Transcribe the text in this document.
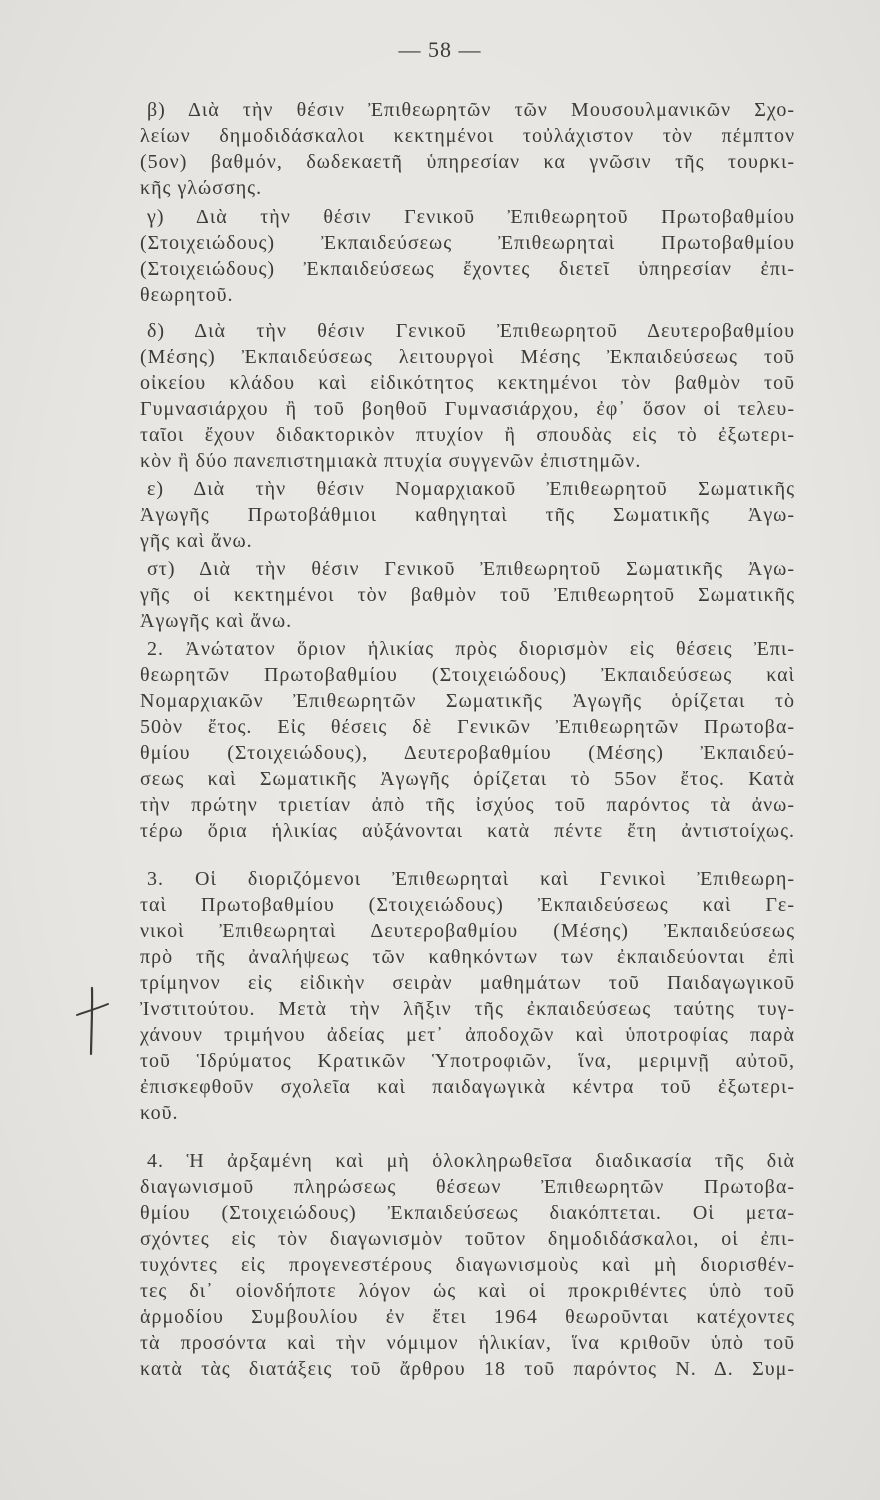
— 58 —
β) Διὰ τὴν θέσιν Ἐπιθεωρητῶν τῶν Μουσουλμανικῶν Σχο-
λείων δημοδιδάσκαλοι κεκτημένοι τοὐλάχιστον τὸν πέμπτον
(5ον) βαθμόν, δωδεκαετῆ ὑπηρεσίαν κα γνῶσιν τῆς τουρκι-
κῆς γλώσσης.
γ) Διὰ τὴν θέσιν Γενικοῦ Ἐπιθεωρητοῦ Πρωτοβαθμίου
(Στοιχειώδους) Ἐκπαιδεύσεως Ἐπιθεωρηταὶ Πρωτοβαθμίου
(Στοιχειώδους) Ἐκπαιδεύσεως ἔχοντες διετεῖ ὑπηρεσίαν ἐπι-
θεωρητοῦ.
δ) Διὰ τὴν θέσιν Γενικοῦ Ἐπιθεωρητοῦ Δευτεροβαθμίου
(Μέσης) Ἐκπαιδεύσεως λειτουργοὶ Μέσης Ἐκπαιδεύσεως τοῦ
οἰκείου κλάδου καὶ εἰδικότητος κεκτημένοι τὸν βαθμὸν τοῦ
Γυμνασιάρχου ἢ τοῦ βοηθοῦ Γυμνασιάρχου, ἐφ᾽ ὅσον οἱ τελευ-
ταῖοι ἔχουν διδακτορικὸν πτυχίον ἢ σπουδὰς εἰς τὸ ἐξωτερι-
κὸν ἢ δύο πανεπιστημιακὰ πτυχία συγγενῶν ἐπιστημῶν.
ε) Διὰ τὴν θέσιν Νομαρχιακοῦ Ἐπιθεωρητοῦ Σωματικῆς
Ἀγωγῆς Πρωτοβάθμιοι καθηγηταὶ τῆς Σωματικῆς Ἀγω-
γῆς καὶ ἄνω.
στ) Διὰ τὴν θέσιν Γενικοῦ Ἐπιθεωρητοῦ Σωματικῆς Ἀγω-
γῆς οἱ κεκτημένοι τὸν βαθμὸν τοῦ Ἐπιθεωρητοῦ Σωματικῆς
Ἀγωγῆς καὶ ἄνω.
2. Ἀνώτατον ὅριον ἡλικίας πρὸς διορισμὸν εἰς θέσεις Ἐπι-
θεωρητῶν Πρωτοβαθμίου (Στοιχειώδους) Ἐκπαιδεύσεως καὶ
Νομαρχιακῶν Ἐπιθεωρητῶν Σωματικῆς Ἀγωγῆς ὁρίζεται τὸ
50ὸν ἔτος. Εἰς θέσεις δὲ Γενικῶν Ἐπιθεωρητῶν Πρωτοβα-
θμίου (Στοιχειώδους), Δευτεροβαθμίου (Μέσης) Ἐκπαιδεύ-
σεως καὶ Σωματικῆς Ἀγωγῆς ὁρίζεται τὸ 55ον ἔτος. Κατὰ
τὴν πρώτην τριετίαν ἀπὸ τῆς ἰσχύος τοῦ παρόντος τὰ ἀνω-
τέρω ὅρια ἡλικίας αὐξάνονται κατὰ πέντε ἔτη ἀντιστοίχως.
3. Οἱ διοριζόμενοι Ἐπιθεωρηταὶ καὶ Γενικοὶ Ἐπιθεωρη-
ταὶ Πρωτοβαθμίου (Στοιχειώδους) Ἐκπαιδεύσεως καὶ Γε-
νικοὶ Ἐπιθεωρηταὶ Δευτεροβαθμίου (Μέσης) Ἐκπαιδεύσεως
πρὸ τῆς ἀναλήψεως τῶν καθηκόντων των ἐκπαιδεύονται ἐπὶ
τρίμηνον εἰς εἰδικὴν σειρὰν μαθημάτων τοῦ Παιδαγωγικοῦ
Ἰνστιτούτου. Μετὰ τὴν λῆξιν τῆς ἐκπαιδεύσεως ταύτης τυγ-
χάνουν τριμήνου ἀδείας μετ᾽ ἀποδοχῶν καὶ ὑποτροφίας παρὰ
τοῦ Ἱδρύματος Κρατικῶν Ὑποτροφιῶν, ἵνα, μεριμνῇ αὐτοῦ,
ἐπισκεφθοῦν σχολεῖα καὶ παιδαγωγικὰ κέντρα τοῦ ἐξωτερι-
κοῦ.
4. Ἡ ἀρξαμένη καὶ μὴ ὁλοκληρωθεῖσα διαδικασία τῆς διὰ
διαγωνισμοῦ πληρώσεως θέσεων Ἐπιθεωρητῶν Πρωτοβα-
θμίου (Στοιχειώδους) Ἐκπαιδεύσεως διακόπτεται. Οἱ μετα-
σχόντες εἰς τὸν διαγωνισμὸν τοῦτον δημοδιδάσκαλοι, οἱ ἐπι-
τυχόντες εἰς προγενεστέρους διαγωνισμοὺς καὶ μὴ διορισθέν-
τες δι᾽ οἱονδήποτε λόγον ὡς καὶ οἱ προκριθέντες ὑπὸ τοῦ
ἁρμοδίου Συμβουλίου ἐν ἔτει 1964 θεωροῦνται κατέχοντες
τὰ προσόντα καὶ τὴν νόμιμον ἡλικίαν, ἵνα κριθοῦν ὑπὸ τοῦ
κατὰ τὰς διατάξεις τοῦ ἄρθρου 18 τοῦ παρόντος Ν. Δ. Συμ-
